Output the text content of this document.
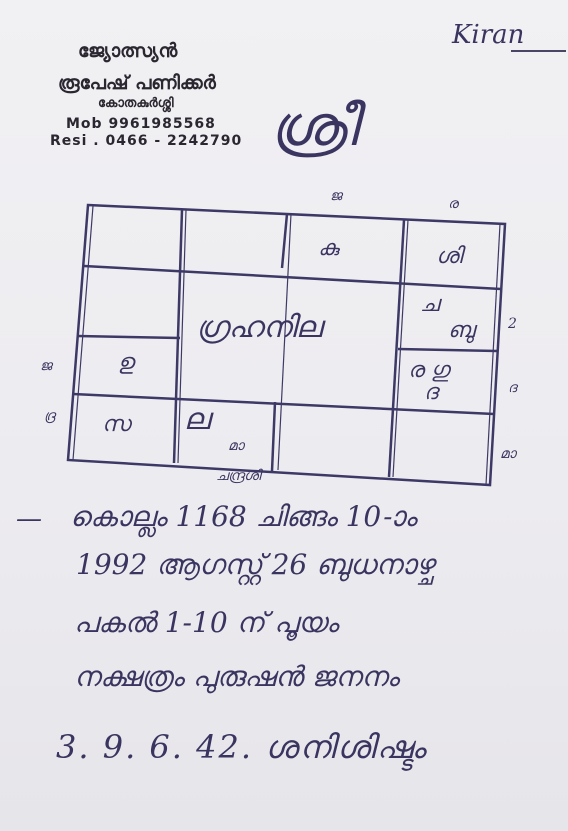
ജ്യോത്സ്യൻ
രൂപേഷ് പണിക്കർ
കോതകുർശ്ശി
Mob 9961985568
Resi . 0466 - 2242790
Kiran
ശ്രീ
ജ	ര
കു	ശി
ഗ്രഹനില
ച
ബു
ര ഗു
ദ
ഉ
സ ല
മാ
2
ദ
മാ
ജ
ദ്ര
ചന്ദ്രശി
— കൊല്ലം 1168 ചിങ്ങം 10-ാം
1992 ആഗസ്റ്റ് 26 ബുധനാഴ്ച
പകൽ 1-10 ന് പൂയം
നക്ഷത്രം പുരുഷൻ ജനനം
3. 9. 6. 42. ശനിശിഷ്ടം
